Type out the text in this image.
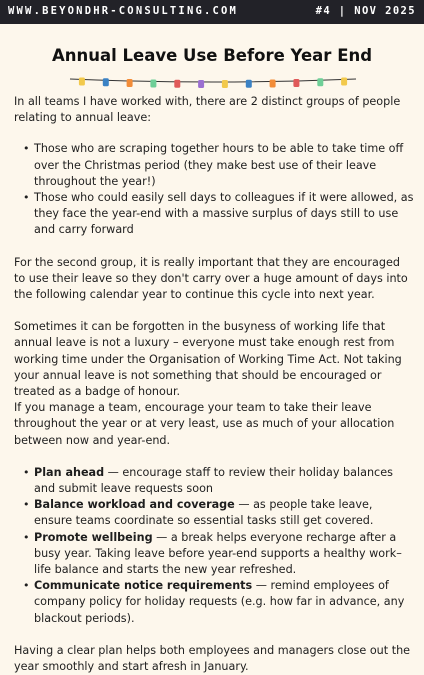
WWW.BEYONDHR-CONSULTING.COM	#4 | NOV 2025
Annual Leave Use Before Year End

In all teams I have worked with, there are 2 distinct groups of people relating to annual leave:

• Those who are scraping together hours to be able to take time off over the Christmas period (they make best use of their leave throughout the year!)
• Those who could easily sell days to colleagues if it were allowed, as they face the year-end with a massive surplus of days still to use and carry forward

For the second group, it is really important that they are encouraged to use their leave so they don't carry over a huge amount of days into the following calendar year to continue this cycle into next year.

Sometimes it can be forgotten in the busyness of working life that annual leave is not a luxury – everyone must take enough rest from working time under the Organisation of Working Time Act. Not taking your annual leave is not something that should be encouraged or treated as a badge of honour.

If you manage a team, encourage your team to take their leave throughout the year or at very least, use as much of your allocation between now and year-end.

• Plan ahead — encourage staff to review their holiday balances and submit leave requests soon
• Balance workload and coverage — as people take leave, ensure teams coordinate so essential tasks still get covered.
• Promote wellbeing — a break helps everyone recharge after a busy year. Taking leave before year-end supports a healthy work–life balance and starts the new year refreshed.
• Communicate notice requirements — remind employees of company policy for holiday requests (e.g. how far in advance, any blackout periods).

Having a clear plan helps both employees and managers close out the year smoothly and start afresh in January.
